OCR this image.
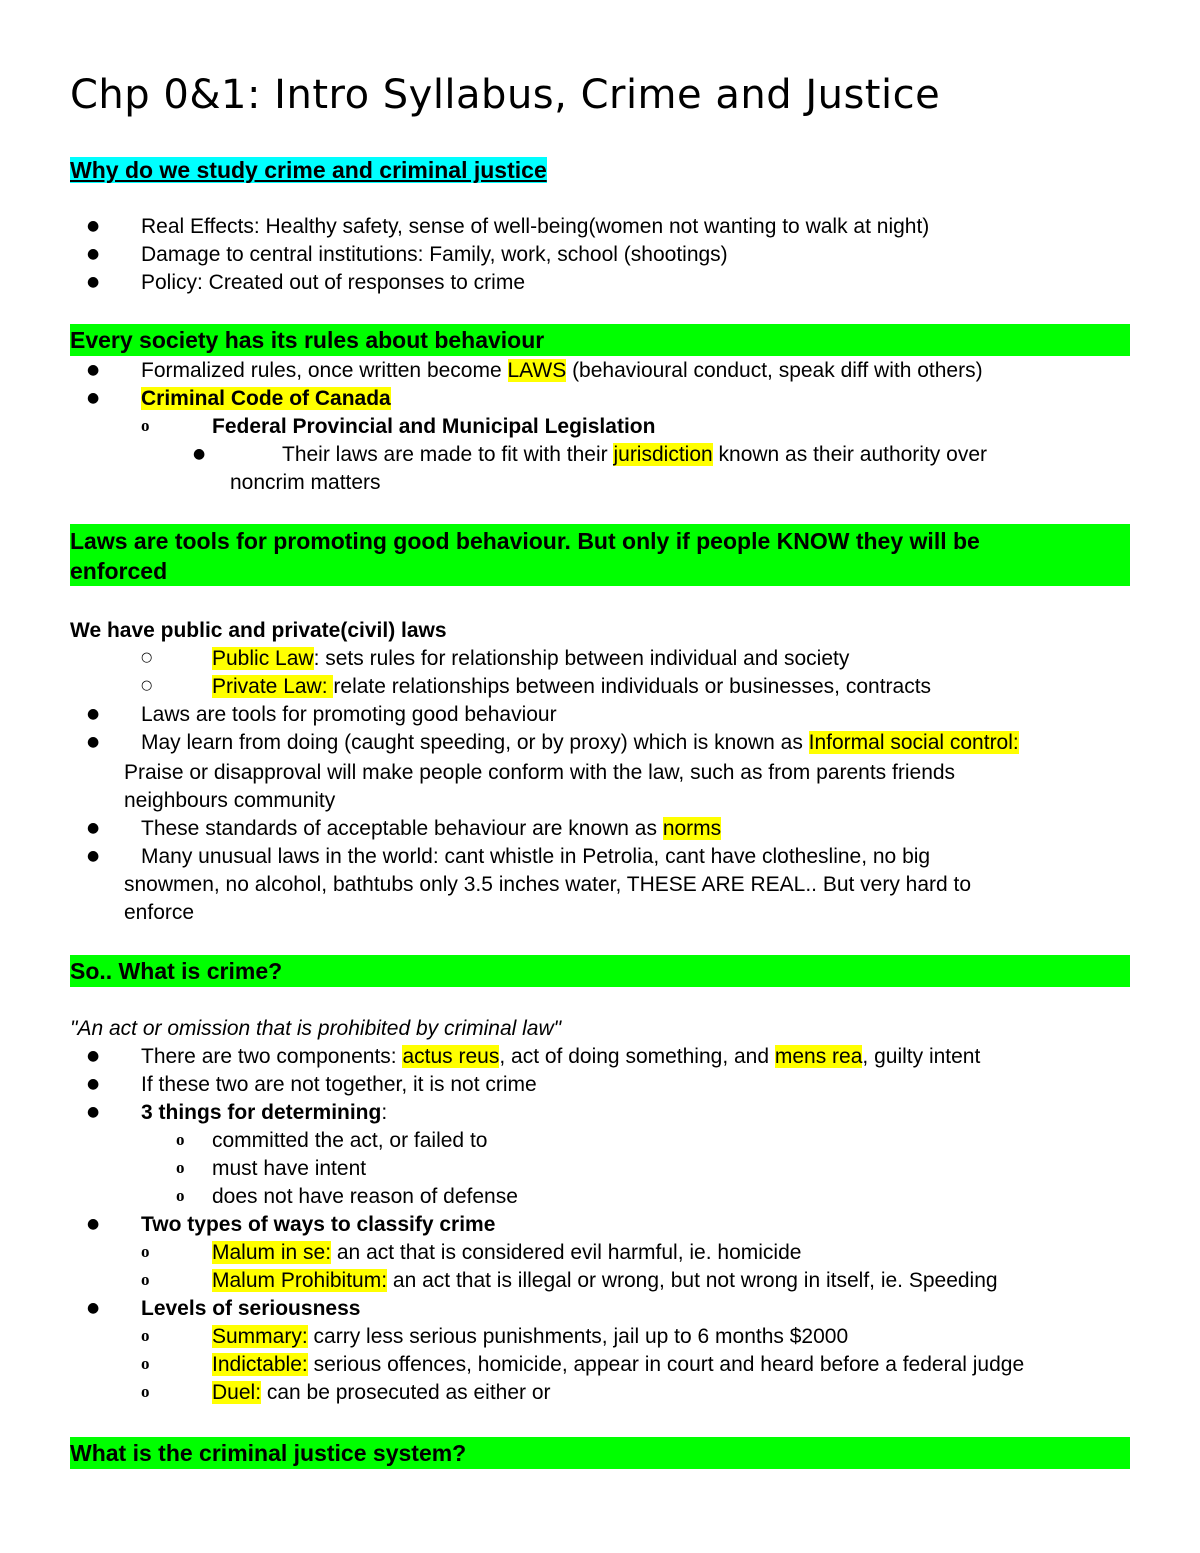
Chp 0&1: Intro Syllabus, Crime and Justice
Why do we study crime and criminal justice
● Real Effects: Healthy safety, sense of well-being(women not wanting to walk at night)
● Damage to central institutions: Family, work, school (shootings)
● Policy: Created out of responses to crime
Every society has its rules about behaviour
● Formalized rules, once written become LAWS (behavioural conduct, speak diff with others)
● Criminal Code of Canada
o	Federal Provincial and Municipal Legislation
●	Their laws are made to fit with their jurisdiction known as their authority over
noncrim matters
Laws are tools for promoting good behaviour. But only if people KNOW they will be
enforced
We have public and private(civil) laws
○	Public Law: sets rules for relationship between individual and society
○	Private Law: relate relationships between individuals or businesses, contracts
● Laws are tools for promoting good behaviour
● May learn from doing (caught speeding, or by proxy) which is known as Informal social control:
Praise or disapproval will make people conform with the law, such as from parents friends
neighbours community
● These standards of acceptable behaviour are known as norms
● Many unusual laws in the world: cant whistle in Petrolia, cant have clothesline, no big
snowmen, no alcohol, bathtubs only 3.5 inches water, THESE ARE REAL.. But very hard to
enforce
So.. What is crime?
"An act or omission that is prohibited by criminal law"
● There are two components: actus reus, act of doing something, and mens rea, guilty intent
● If these two are not together, it is not crime
● 3 things for determining:
o committed the act, or failed to
o must have intent
o does not have reason of defense
● Two types of ways to classify crime
o	Malum in se: an act that is considered evil harmful, ie. homicide
o	Malum Prohibitum: an act that is illegal or wrong, but not wrong in itself, ie. Speeding
● Levels of seriousness
o	Summary: carry less serious punishments, jail up to 6 months $2000
o	Indictable: serious offences, homicide, appear in court and heard before a federal judge
o	Duel: can be prosecuted as either or
What is the criminal justice system?
